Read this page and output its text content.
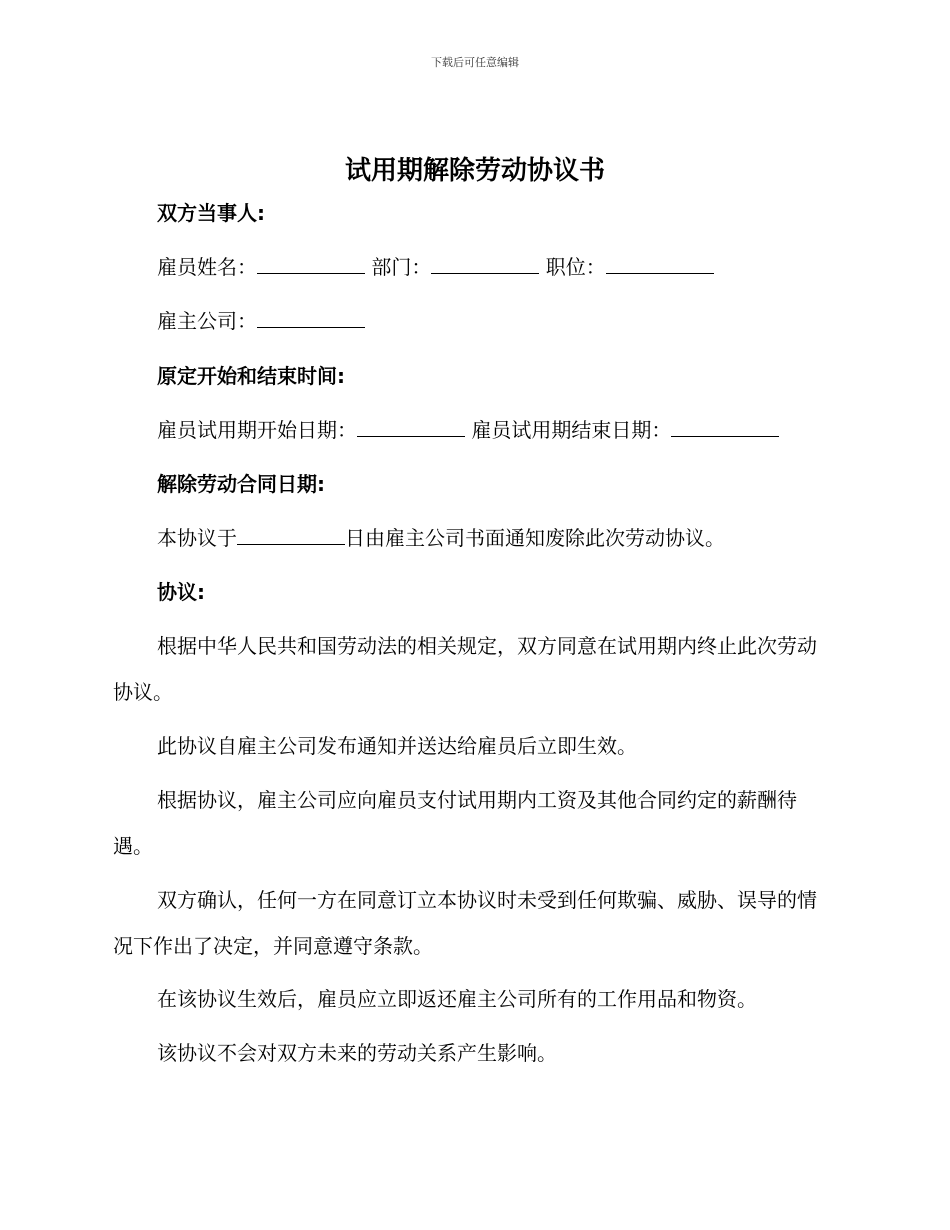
下载后可任意编辑
试用期解除劳动协议书
双方当事人:
雇员姓名：	部门：	职位：
雇主公司：
原定开始和结束时间:
雇员试用期开始日期：	雇员试用期结束日期：
解除劳动合同日期:
本协议于	日由雇主公司书面通知废除此次劳动协议。
协议:
根据中华人民共和国劳动法的相关规定，双方同意在试用期内终止此次劳动协议。
此协议自雇主公司发布通知并送达给雇员后立即生效。
根据协议，雇主公司应向雇员支付试用期内工资及其他合同约定的薪酬待遇。
双方确认，任何一方在同意订立本协议时未受到任何欺骗、威胁、误导的情况下作出了决定，并同意遵守条款。
在该协议生效后，雇员应立即返还雇主公司所有的工作用品和物资。
该协议不会对双方未来的劳动关系产生影响。
